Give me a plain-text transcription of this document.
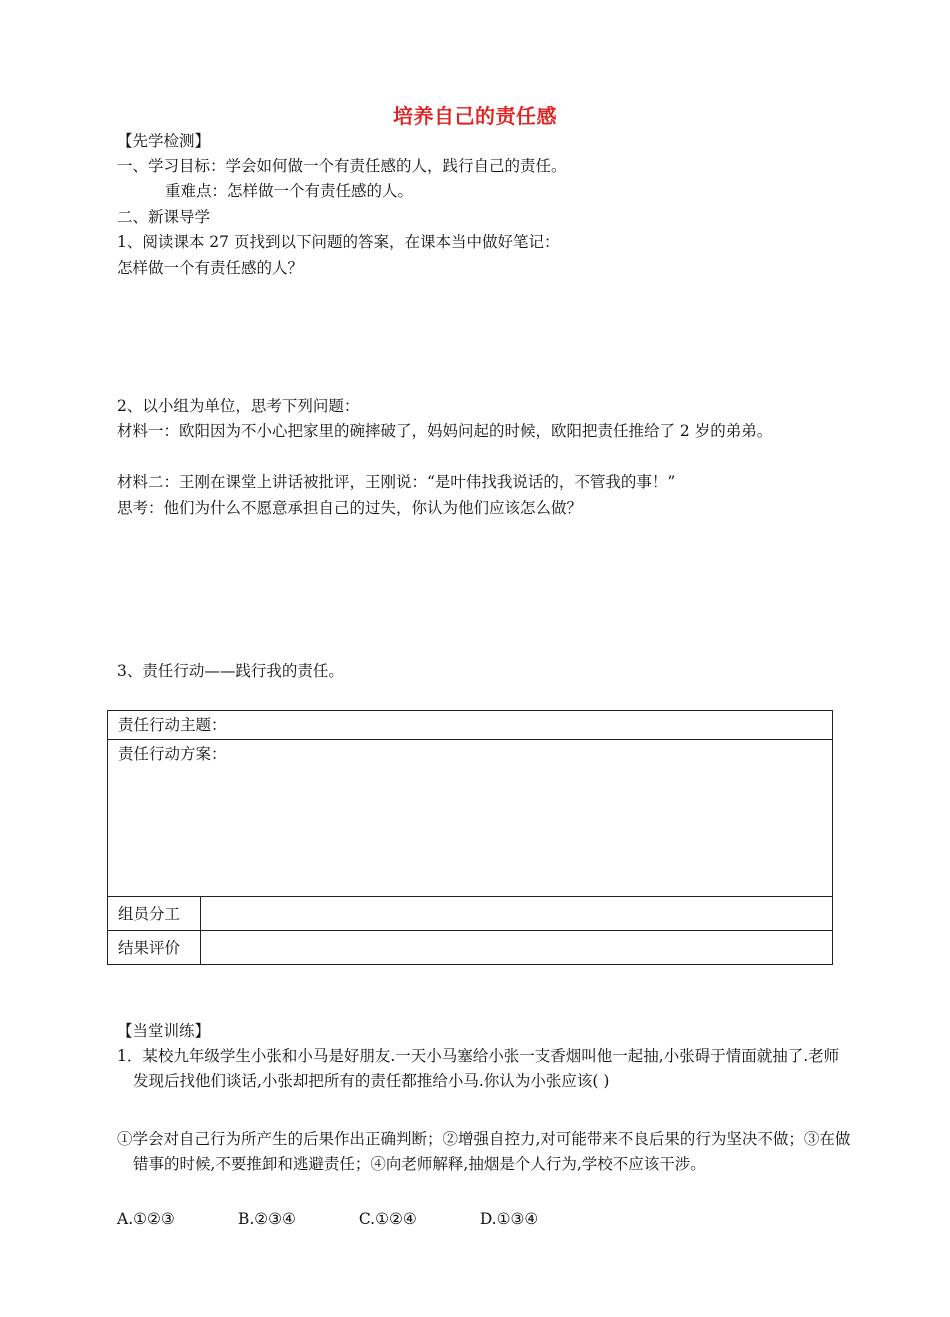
培养自己的责任感
【先学检测】
一、学习目标：学会如何做一个有责任感的人，践行自己的责任。
重难点：怎样做一个有责任感的人。
二、新课导学
1、阅读课本 27 页找到以下问题的答案，在课本当中做好笔记：
怎样做一个有责任感的人？
2、以小组为单位，思考下列问题：
材料一：欧阳因为不小心把家里的碗摔破了，妈妈问起的时候，欧阳把责任推给了 2 岁的弟弟。
材料二：王刚在课堂上讲话被批评，王刚说：“是叶伟找我说话的，不管我的事！”
思考：他们为什么不愿意承担自己的过失，你认为他们应该怎么做？
3、责任行动——践行我的责任。
责任行动主题：	
责任行动方案：	
组员分工	
结果评价	
【当堂训练】
1．某校九年级学生小张和小马是好朋友.一天小马塞给小张一支香烟叫他一起抽,小张碍于情面就抽了.老师发现后找他们谈话,小张却把所有的责任都推给小马.你认为小张应该( )
①学会对自己行为所产生的后果作出正确判断；②增强自控力,对可能带来不良后果的行为坚决不做；③在做错事的时候,不要推卸和逃避责任；④向老师解释,抽烟是个人行为,学校不应该干涉。
A.①②③	B.②③④	C.①②④	D.①③④
